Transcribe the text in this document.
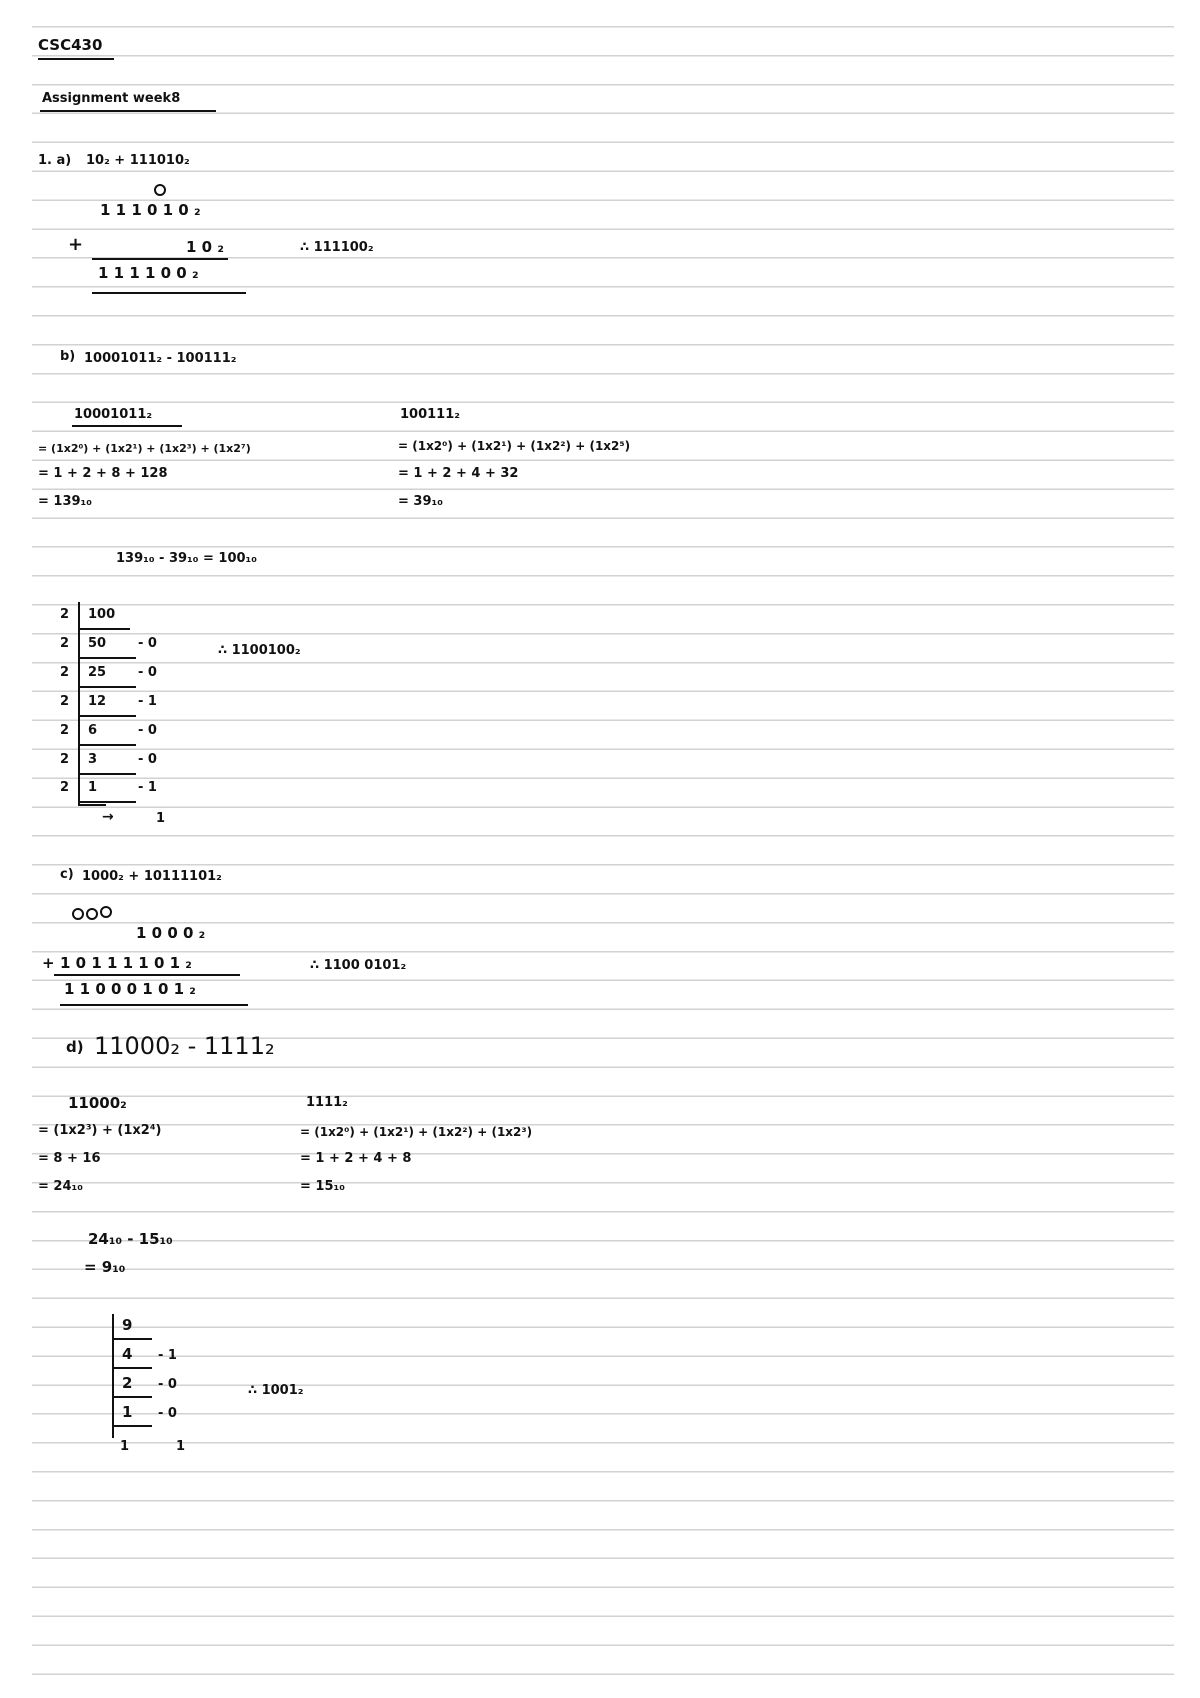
CSC430
Assignment week8
1. a) 10₂ + 111010₂
1 1 1 0 1 0 ₂
+	1 0 ₂
1 1 1 1 0 0 ₂
∴ 111100₂
b) 10001011₂ - 100111₂
10001011₂
= (1x2⁰) + (1x2¹) + (1x2³) + (1x2⁷)
= 1 + 2 + 8 + 128
= 139₁₀
100111₂
= (1x2⁰) + (1x2¹) + (1x2²) + (1x2⁵)
= 1 + 2 + 4 + 32
= 39₁₀
139₁₀ - 39₁₀ = 100₁₀
2 100
2 50 - 0
2 25 - 0
2 12 - 1
2 6	- 0
2 3	- 0
2 1	- 1
→	1
∴ 1100100₂
c) 1000₂ + 10111101₂
1 0 0 0 ₂
+ 1 0 1 1 1 1 0 1 ₂
1 1 0 0 0 1 0 1 ₂
∴ 1100 0101₂
d) 11000₂ - 1111₂
11000₂
= (1x2³) + (1x2⁴)
= 8 + 16
= 24₁₀
1111₂
= (1x2⁰) + (1x2¹) + (1x2²) + (1x2³)
= 1 + 2 + 4 + 8
= 15₁₀
24₁₀ - 15₁₀
= 9₁₀
9
4 - 1
2 - 0
1 - 0
1	1
∴ 1001₂
